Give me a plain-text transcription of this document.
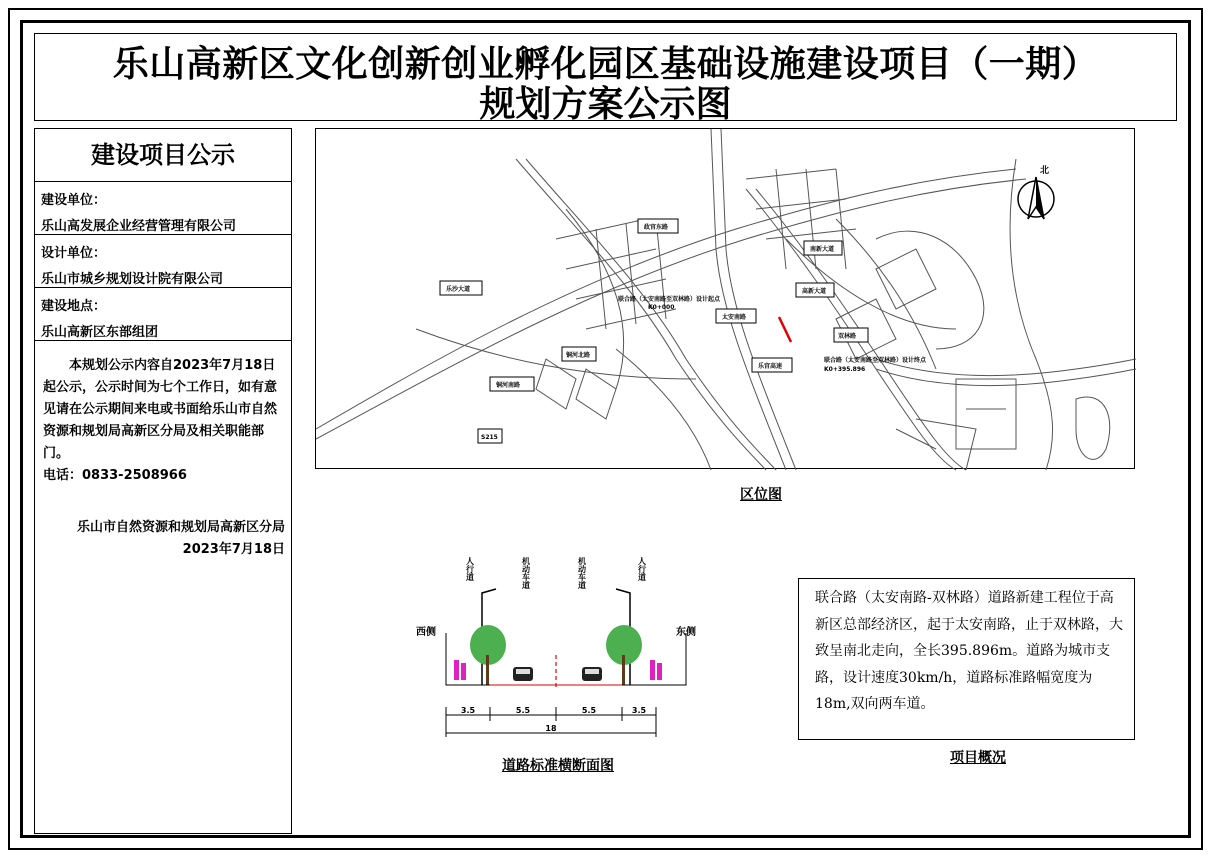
乐山高新区文化创新创业孵化园区基础设施建设项目（一期）
规划方案公示图
建设项目公示
建设单位：
乐山高发展企业经营管理有限公司
设计单位：
乐山市城乡规划设计院有限公司
建设地点：
乐山高新区东部组团

本规划公示内容自2023年7月18日起公示，公示时间为七个工作日，如有意见请在公示期间来电或书面给乐山市自然资源和规划局高新区分局及相关职能部门。

电话：0833-2508966
乐山市自然资源和规划局高新区分局
2023年7月18日
北
乐沙大道
政官东路
铜河北路
铜河南路
S215
太安南路
南新大道
高新大道
双林路
乐宫高速
联合路（太安南路至双林路）设计起点
K0+000
联合路（太安南路至双林路）设计终点
K0+395.896
区位图
人行道	机动车道	机动车道	人行道
西侧	东侧
3.5	5.5	5.5	3.5
18
道路标准横断面图
联合路（太安南路-双林路）道路新建工程位于高新区总部经济区，起于太安南路，止于双林路，大致呈南北走向，全长395.896m。道路为城市支路，设计速度30km/h，道路标准路幅宽度为18m,双向两车道。
项目概况
